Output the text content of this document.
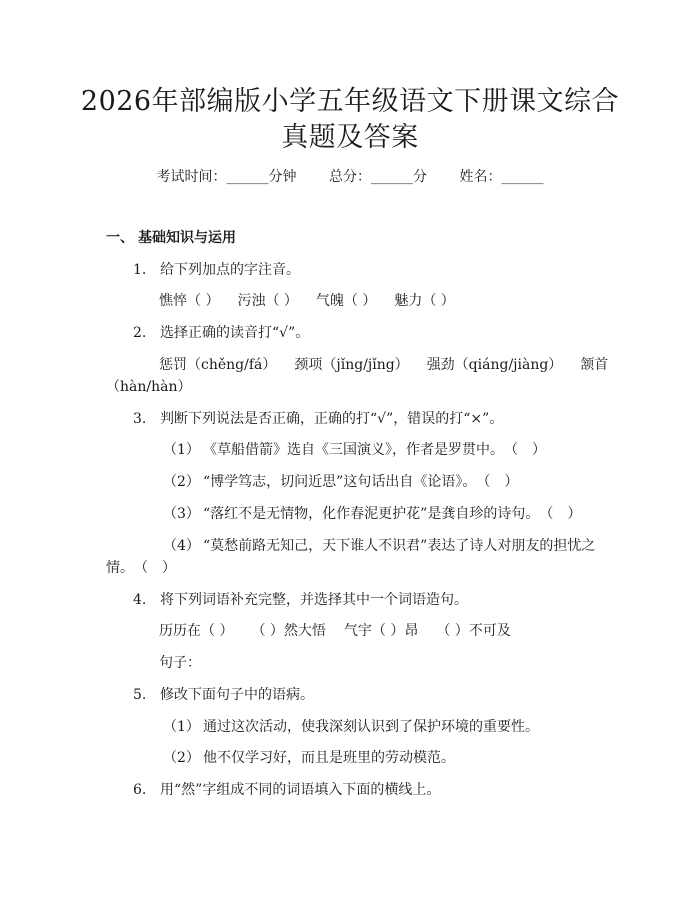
2026年部编版小学五年级语文下册课文综合
真题及答案
考试时间：______分钟 总分：______分 姓名：______
一、 基础知识与运用
1. 给下列加点的字注音。
憔悴（ ） 污浊（ ） 气魄（ ） 魅力（ ）
2. 选择正确的读音打“√”。
惩罚（chěng/fá） 颈项（jǐng/jǐng） 强劲（qiáng/jiàng） 颔首
（hàn/hàn）
3. 判断下列说法是否正确，正确的打“√”，错误的打“×”。
（1） 《草船借箭》选自《三国演义》，作者是罗贯中。　（　）
（2） “博学笃志，切问近思”这句话出自《论语》。　（　）
（3） “落红不是无情物，化作春泥更护花”是龚自珍的诗句。　（　）
（4） “莫愁前路无知己，天下谁人不识君”表达了诗人对朋友的担忧之
情。　（　）
4. 将下列词语补充完整，并选择其中一个词语造句。
历历在（ ） （ ）然大悟 气宇（ ）昂 （ ）不可及
句子：
5. 修改下面句子中的语病。
（1） 通过这次活动，使我深刻认识到了保护环境的重要性。
（2） 他不仅学习好，而且是班里的劳动模范。
6. 用“然”字组成不同的词语填入下面的横线上。
